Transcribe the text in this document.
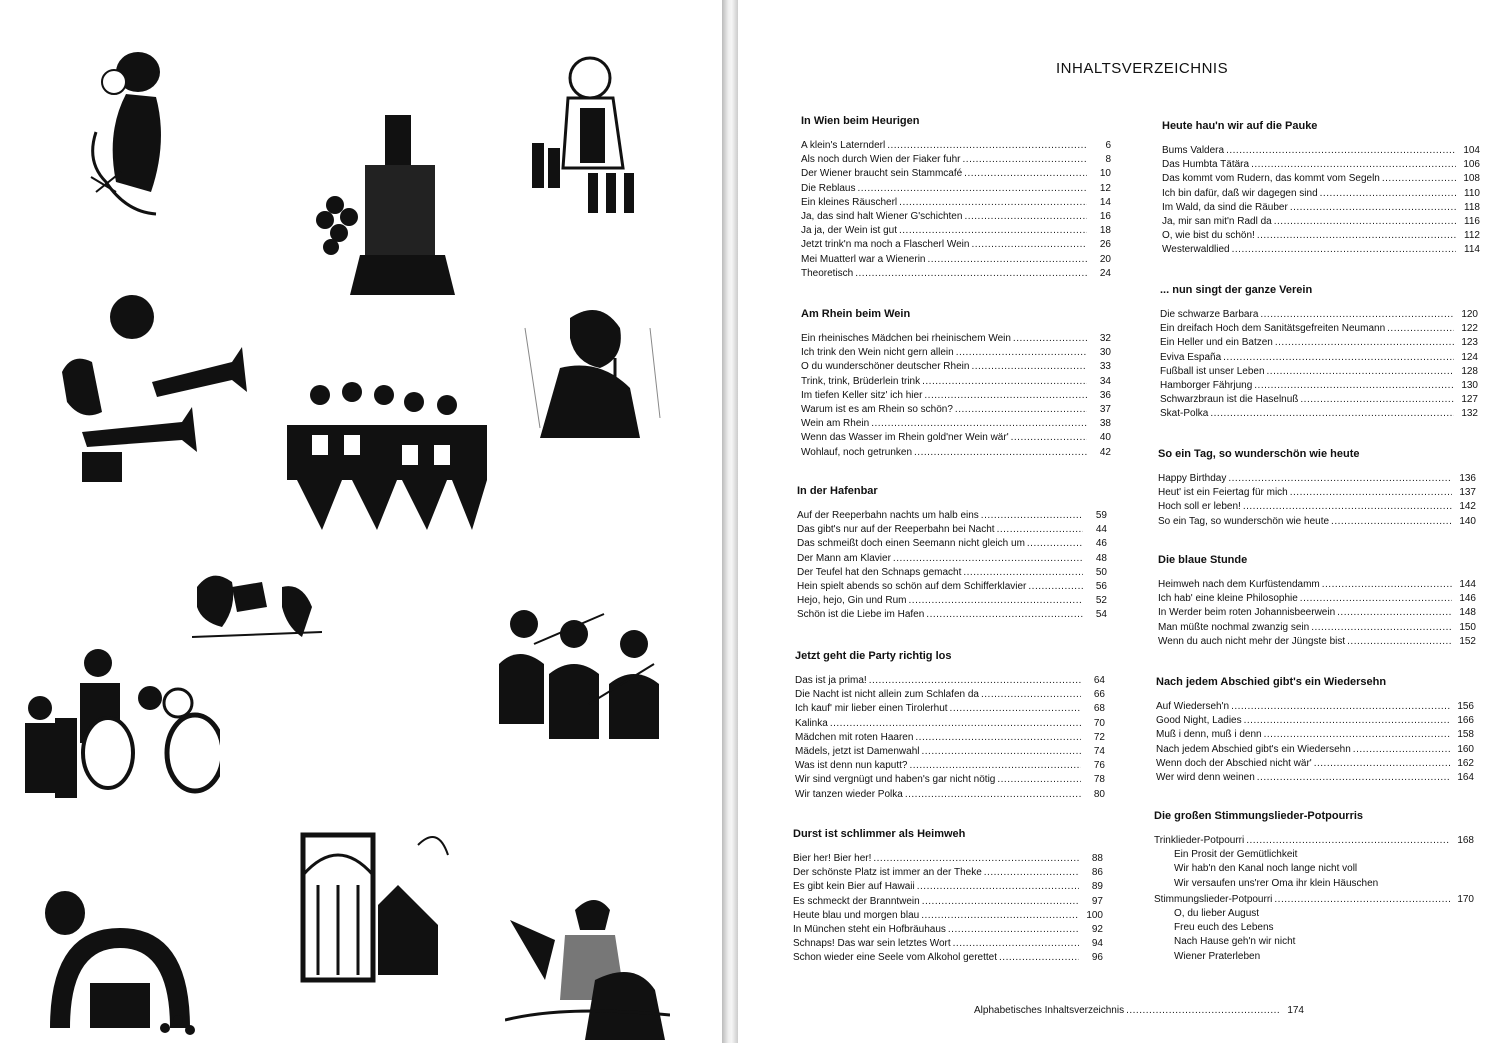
INHALTSVERZEICHNIS
Alphabetisches Inhaltsverzeichnis .....	174
In Wien beim Heurigen
A klein's Laternderl .....	6
Als noch durch Wien der Fiaker fuhr .....	8
Der Wiener braucht sein Stammcafé .....	10
Die Reblaus .....	12
Ein kleines Räuscherl .....	14
Ja, das sind halt Wiener G'schichten .....	16
Ja ja, der Wein ist gut .....	18
Jetzt trink'n ma noch a Flascherl Wein .....	26
Mei Muatterl war a Wienerin .....	20
Theoretisch .....	24
Am Rhein beim Wein
Ein rheinisches Mädchen bei rheinischem Wein .....	32
Ich trink den Wein nicht gern allein .....	30
O du wunderschöner deutscher Rhein .....	33
Trink, trink, Brüderlein trink .....	34
Im tiefen Keller sitz' ich hier .....	36
Warum ist es am Rhein so schön? .....	37
Wein am Rhein .....	38
Wenn das Wasser im Rhein gold'ner Wein wär' .....	40
Wohlauf, noch getrunken .....	42
In der Hafenbar
Auf der Reeperbahn nachts um halb eins .....	59
Das gibt's nur auf der Reeperbahn bei Nacht .....	44
Das schmeißt doch einen Seemann nicht gleich um .....	46
Der Mann am Klavier .....	48
Der Teufel hat den Schnaps gemacht .....	50
Hein spielt abends so schön auf dem Schifferklavier .....	56
Hejo, hejo, Gin und Rum .....	52
Schön ist die Liebe im Hafen .....	54
Jetzt geht die Party richtig los
Das ist ja prima! .....	64
Die Nacht ist nicht allein zum Schlafen da .....	66
Ich kauf' mir lieber einen Tirolerhut .....	68
Kalinka .....	70
Mädchen mit roten Haaren .....	72
Mädels, jetzt ist Damenwahl .....	74
Was ist denn nun kaputt? .....	76
Wir sind vergnügt und haben's gar nicht nötig .....	78
Wir tanzen wieder Polka .....	80
Durst ist schlimmer als Heimweh
Bier her! Bier her! .....	88
Der schönste Platz ist immer an der Theke .....	86
Es gibt kein Bier auf Hawaii .....	89
Es schmeckt der Branntwein .....	97
Heute blau und morgen blau .....	100
In München steht ein Hofbräuhaus .....	92
Schnaps! Das war sein letztes Wort .....	94
Schon wieder eine Seele vom Alkohol gerettet .....	96
Heute hau'n wir auf die Pauke
Bums Valdera .....	104
Das Humbta Tätära .....	106
Das kommt vom Rudern, das kommt vom Segeln .....	108
Ich bin dafür, daß wir dagegen sind .....	110
Im Wald, da sind die Räuber .....	118
Ja, mir san mit'n Radl da .....	116
O, wie bist du schön! .....	112
Westerwaldlied .....	114
... nun singt der ganze Verein
Die schwarze Barbara .....	120
Ein dreifach Hoch dem Sanitätsgefreiten Neumann .....	122
Ein Heller und ein Batzen .....	123
Eviva España .....	124
Fußball ist unser Leben .....	128
Hamborger Fährjung .....	130
Schwarzbraun ist die Haselnuß .....	127
Skat-Polka .....	132
So ein Tag, so wunderschön wie heute
Happy Birthday .....	136
Heut' ist ein Feiertag für mich .....	137
Hoch soll er leben! .....	142
So ein Tag, so wunderschön wie heute .....	140
Die blaue Stunde
Heimweh nach dem Kurfüstendamm .....	144
Ich hab' eine kleine Philosophie .....	146
In Werder beim roten Johannisbeerwein .....	148
Man müßte nochmal zwanzig sein .....	150
Wenn du auch nicht mehr der Jüngste bist .....	152
Nach jedem Abschied gibt's ein Wiedersehn
Auf Wiederseh'n .....	156
Good Night, Ladies .....	166
Muß i denn, muß i denn .....	158
Nach jedem Abschied gibt's ein Wiedersehn .....	160
Wenn doch der Abschied nicht wär' .....	162
Wer wird denn weinen .....	164
Die großen Stimmungslieder-Potpourris
Trinklieder-Potpourri .....	168
Ein Prosit der Gemütlichkeit
Wir hab'n den Kanal noch lange nicht voll
Wir versaufen uns'rer Oma ihr klein Häuschen
Stimmungslieder-Potpourri .....	170
O, du lieber August
Freu euch des Lebens
Nach Hause geh'n wir nicht
Wiener Praterleben
